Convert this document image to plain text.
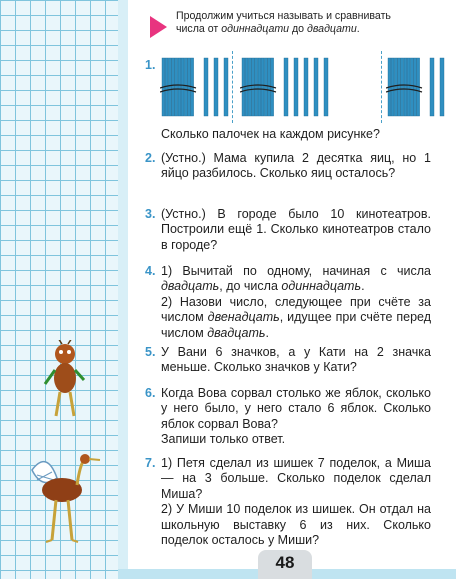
Продолжим учиться называть и сравнивать
числа от одиннадцати до двадцати.
1.
Сколько палочек на каждом рисунке?
2. (Устно.) Мама купила 2 десятка яиц, но 1 яйцо разбилось. Сколько яиц осталось?
3. (Устно.) В городе было 10 кинотеатров. Построили ещё 1. Сколько кинотеатров стало в городе?
4. 1) Вычитай по одному, начиная с числа двадцать, до числа одиннадцать.
2) Назови число, следующее при счёте за числом двенадцать, идущее при счёте перед числом двадцать.
5. У Вани 6 значков, а у Кати на 2 значка меньше. Сколько значков у Кати?
6. Когда Вова сорвал столько же яблок, сколько у него было, у него стало 6 яблок. Сколько яблок сорвал Вова?
Запиши только ответ.
7. 1) Петя сделал из шишек 7 поделок, а Миша — на 3 больше. Сколько поделок сделал Миша?
2) У Миши 10 поделок из шишек. Он отдал на школьную выставку 6 из них. Сколько поделок осталось у Миши?
48
